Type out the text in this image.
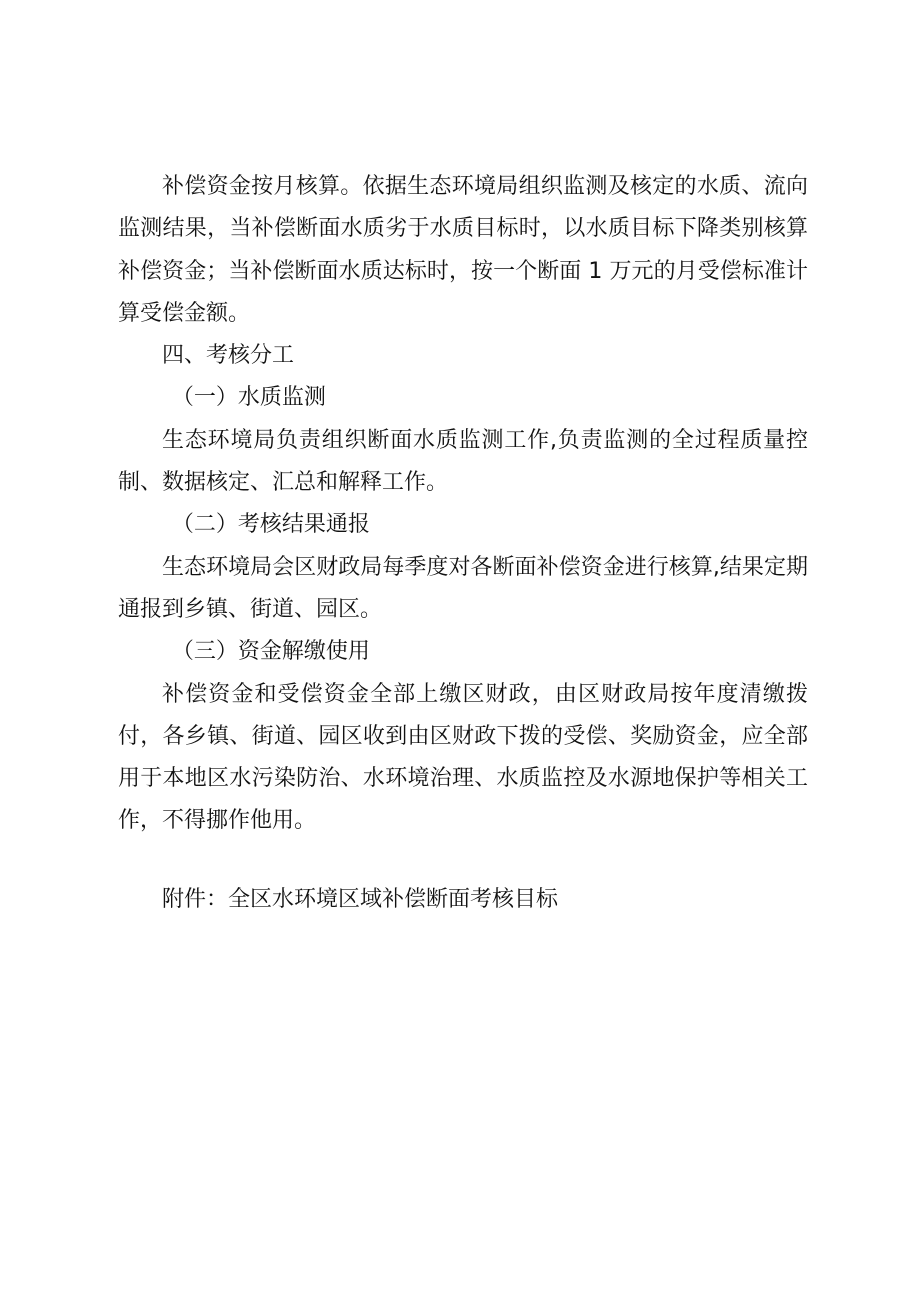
补偿资金按月核算。依据生态环境局组织监测及核定的水质、流向监测结果，当补偿断面水质劣于水质目标时，以水质目标下降类别核算补偿资金；当补偿断面水质达标时，按一个断面 1 万元的月受偿标准计算受偿金额。

四、考核分工

（一）水质监测

生态环境局负责组织断面水质监测工作,负责监测的全过程质量控制、数据核定、汇总和解释工作。

（二）考核结果通报

生态环境局会区财政局每季度对各断面补偿资金进行核算,结果定期通报到乡镇、街道、园区。

（三）资金解缴使用

补偿资金和受偿资金全部上缴区财政，由区财政局按年度清缴拨付，各乡镇、街道、园区收到由区财政下拨的受偿、奖励资金，应全部用于本地区水污染防治、水环境治理、水质监控及水源地保护等相关工作，不得挪作他用。

附件：全区水环境区域补偿断面考核目标
